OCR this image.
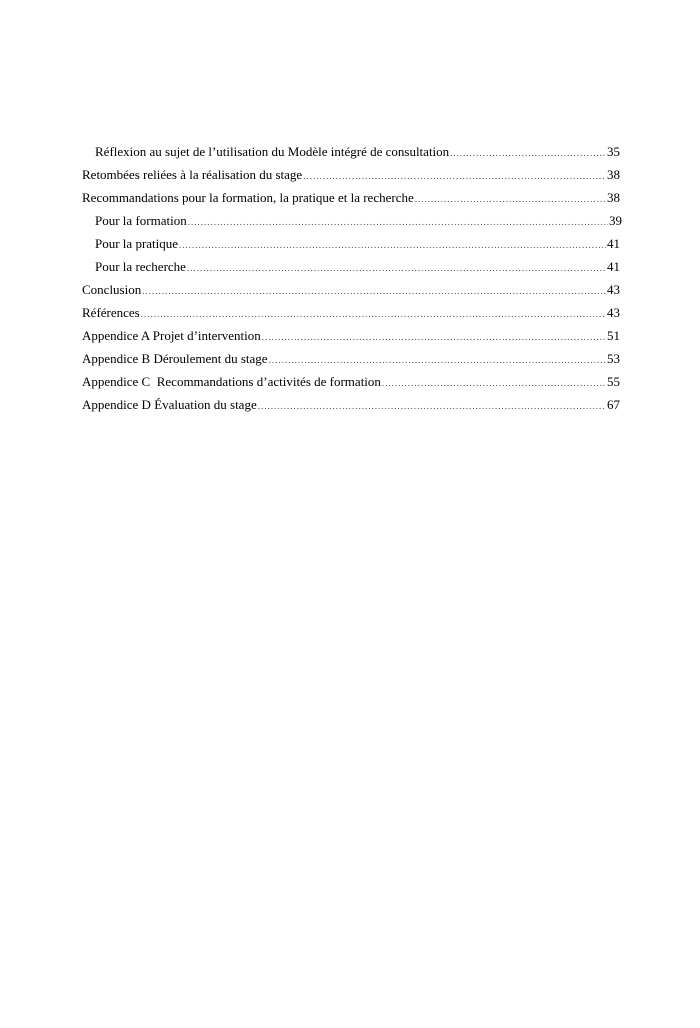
Réflexion au sujet de l’utilisation du Modèle intégré de consultation .....	35
Retombées reliées à la réalisation du stage .....	38
Recommandations pour la formation, la pratique et la recherche .....	38
Pour la formation .....	39
Pour la pratique .....	41
Pour la recherche .....	41
Conclusion .....	43
Références .....	43
Appendice A Projet d’intervention .....	51
Appendice B Déroulement du stage .....	53
Appendice C  Recommandations d’activités de formation .....	55
Appendice D Évaluation du stage .....	67
